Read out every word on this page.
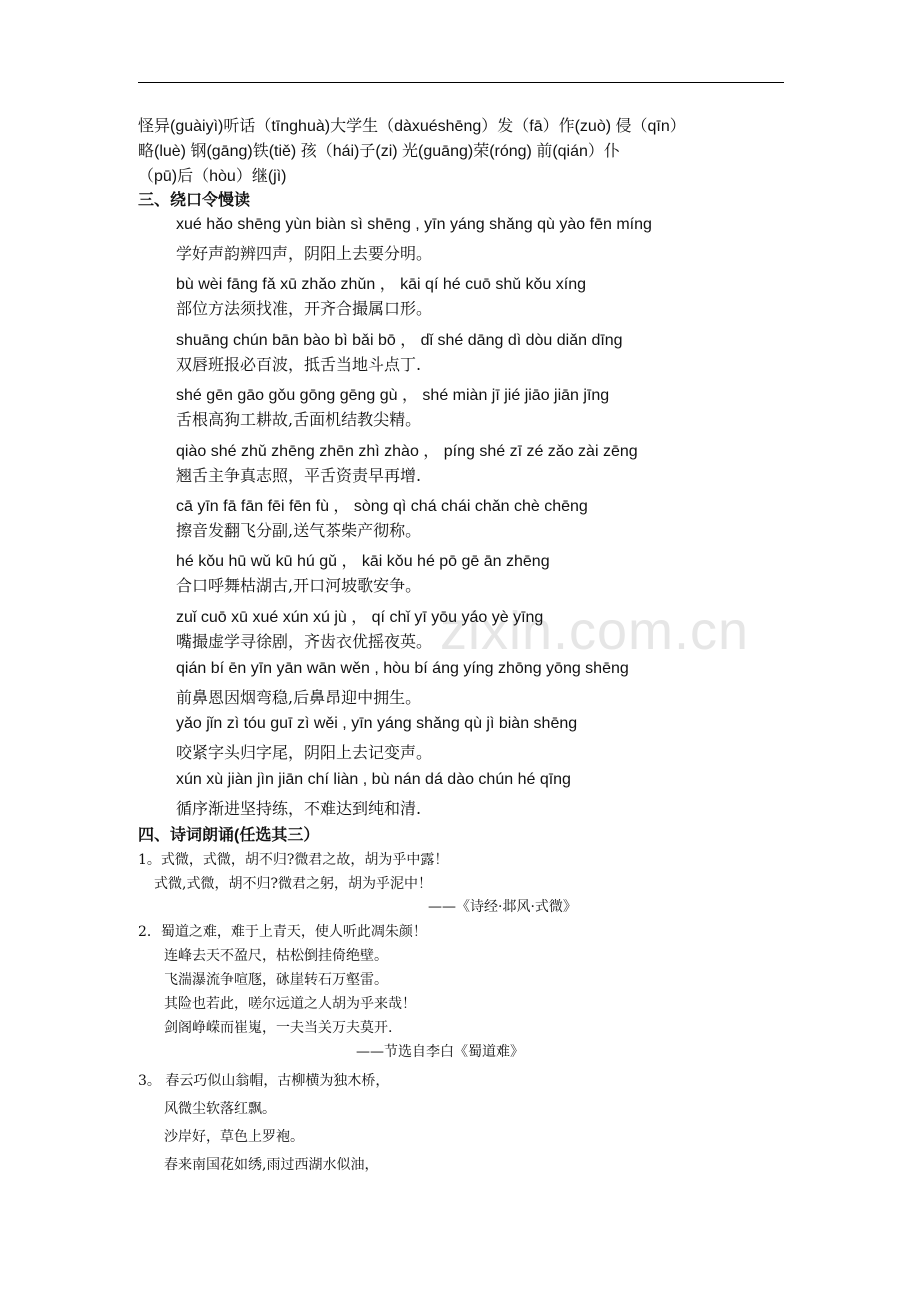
zixin.com.cn
怪异(guàiyì)听话（tīnghuà)大学生（dàxuéshēng）发（fā）作(zuò) 侵（qīn）
略(luè) 钢(gāng)铁(tiě) 孩（hái)子(zi) 光(guāng)荣(róng) 前(qián）仆
（pū)后（hòu）继(jì)
三、绕口令慢读
xué hǎo shēng yùn biàn sì shēng , yīn yáng shǎng qù yào fēn míng
学好声韵辨四声，阴阳上去要分明。
bù wèi fāng fǎ xū zhǎo zhǔn ， kāi qí hé cuō shǔ kǒu xíng
部位方法须找准，开齐合撮属口形。
shuāng chún bān bào bì bǎi bō ， dǐ shé dāng dì dòu diǎn dīng
双唇班报必百波，抵舌当地斗点丁.
shé gēn gāo gǒu gōng gēng gù ， shé miàn jī jié jiāo jiān jīng
舌根高狗工耕故,舌面机结教尖精。
qiào shé zhǔ zhēng zhēn zhì zhào ， píng shé zī zé zǎo zài zēng
翘舌主争真志照，平舌资责早再增.
cā yīn fā fān fēi fēn fù ， sòng qì chá chái chǎn chè chēng
擦音发翻飞分副,送气茶柴产彻称。
hé kǒu hū wǔ kū hú gǔ ， kāi kǒu hé pō gē ān zhēng
合口呼舞枯湖古,开口河坡歌安争。
zuǐ cuō xū xué xún xú jù ， qí chǐ yī yōu yáo yè yīng
嘴撮虚学寻徐剧，齐齿衣优摇夜英。
qián bí ēn yīn yān wān wěn , hòu bí áng yíng zhōng yōng shēng
前鼻恩因烟弯稳,后鼻昂迎中拥生。
yǎo jǐn zì tóu guī zì wěi , yīn yáng shǎng qù jì biàn shēng
咬紧字头归字尾，阴阳上去记变声。
xún xù jiàn jìn jiān chí liàn , bù nán dá dào chún hé qīng
循序渐进坚持练，不难达到纯和清.
四、诗词朗诵(任选其三）
1。式微，式微，胡不归?微君之故，胡为乎中露！
式微,式微，胡不归?微君之躬，胡为乎泥中！
——《诗经·邶风·式微》
2．蜀道之难，难于上青天，使人听此凋朱颜！
连峰去天不盈尺，枯松倒挂倚绝壁。
飞湍瀑流争喧豗，砯崖转石万壑雷。
其险也若此，嗟尔远道之人胡为乎来哉！
剑阁峥嵘而崔嵬，一夫当关万夫莫开.
——节选自李白《蜀道难》
3。 春云巧似山翁帽，古柳横为独木桥，
风微尘软落红飘。
沙岸好，草色上罗袍。
春来南国花如绣,雨过西湖水似油，
